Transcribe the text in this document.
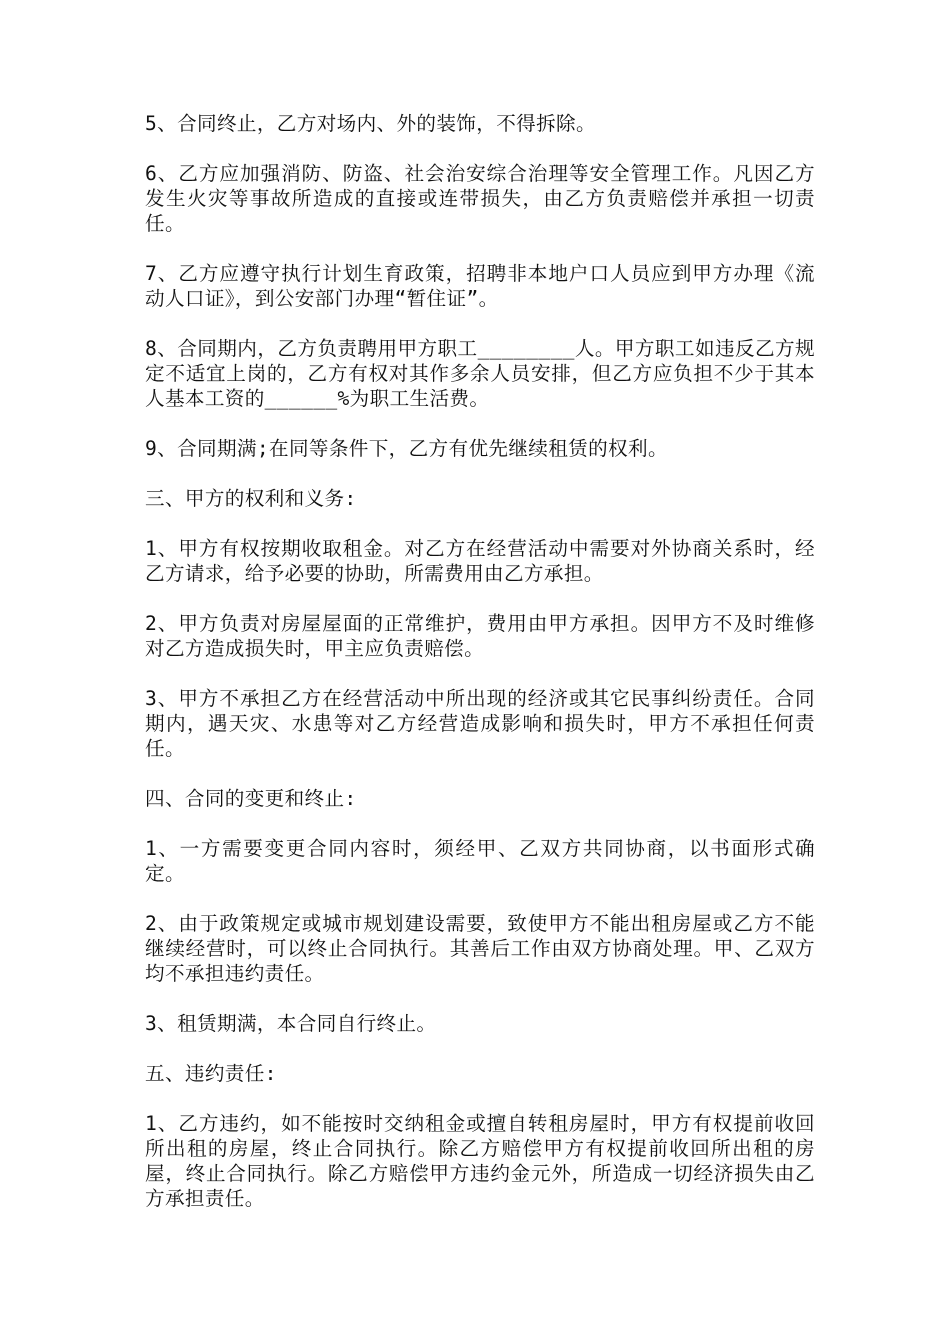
5、合同终止，乙方对场内、外的装饰，不得拆除。

6、乙方应加强消防、防盗、社会治安综合治理等安全管理工作。凡因乙方发生火灾等事故所造成的直接或连带损失，由乙方负责赔偿并承担一切责任。

7、乙方应遵守执行计划生育政策，招聘非本地户口人员应到甲方办理《流动人口证》，到公安部门办理“暂住证”。

8、合同期内，乙方负责聘用甲方职工________人。甲方职工如违反乙方规定不适宜上岗的，乙方有权对其作多余人员安排，但乙方应负担不少于其本人基本工资的______%为职工生活费。

9、合同期满;在同等条件下，乙方有优先继续租赁的权利。

三、甲方的权利和义务:

1、甲方有权按期收取租金。对乙方在经营活动中需要对外协商关系时，经乙方请求，给予必要的协助，所需费用由乙方承担。

2、甲方负责对房屋屋面的正常维护，费用由甲方承担。因甲方不及时维修对乙方造成损失时，甲主应负责赔偿。

3、甲方不承担乙方在经营活动中所出现的经济或其它民事纠纷责任。合同期内，遇天灾、水患等对乙方经营造成影响和损失时，甲方不承担任何责任。

四、合同的变更和终止:

1、一方需要变更合同内容时，须经甲、乙双方共同协商，以书面形式确定。

2、由于政策规定或城市规划建设需要，致使甲方不能出租房屋或乙方不能继续经营时，可以终止合同执行。其善后工作由双方协商处理。甲、乙双方均不承担违约责任。

3、租赁期满，本合同自行终止。

五、违约责任:

1、乙方违约，如不能按时交纳租金或擅自转租房屋时，甲方有权提前收回所出租的房屋，终止合同执行。除乙方赔偿甲方有权提前收回所出租的房屋，终止合同执行。除乙方赔偿甲方违约金元外，所造成一切经济损失由乙方承担责任。
